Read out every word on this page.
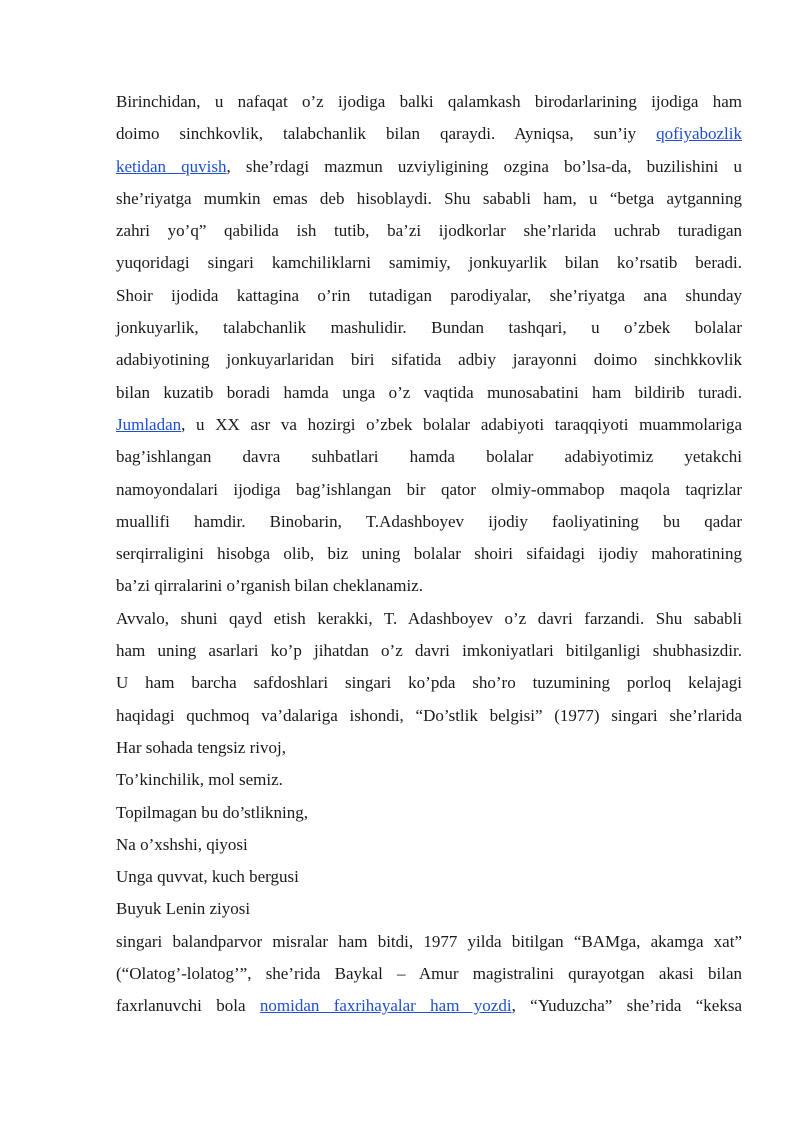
Birinchidan, u nafaqat o’z ijodiga balki qalamkash birodarlarining ijodiga ham
doimo sinchkovlik, talabchanlik bilan qaraydi. Ayniqsa, sun’iy qofiyabozlik
ketidan quvish, she’rdagi mazmun uzviyligining ozgina bo’lsa-da, buzilishini u
she’riyatga mumkin emas deb hisoblaydi. Shu sababli ham, u “betga aytganning
zahri yo’q” qabilida ish tutib, ba’zi ijodkorlar she’rlarida uchrab turadigan
yuqoridagi singari kamchiliklarni samimiy, jonkuyarlik bilan ko’rsatib beradi.
Shoir ijodida kattagina o’rin tutadigan parodiyalar, she’riyatga ana shunday
jonkuyarlik, talabchanlik mashulidir. Bundan tashqari, u o’zbek bolalar
adabiyotining jonkuyarlaridan biri sifatida adbiy jarayonni doimo sinchkkovlik
bilan kuzatib boradi hamda unga o’z vaqtida munosabatini ham bildirib turadi.
Jumladan, u XX asr va hozirgi o’zbek bolalar adabiyoti taraqqiyoti muammolariga
bag’ishlangan davra suhbatlari hamda bolalar adabiyotimiz yetakchi
namoyondalari ijodiga bag’ishlangan bir qator olmiy-ommabop maqola taqrizlar
muallifi hamdir. Binobarin, T.Adashboyev ijodiy faoliyatining bu qadar
serqirraligini hisobga olib, biz uning bolalar shoiri sifaidagi ijodiy mahoratining
ba’zi qirralarini o’rganish bilan cheklanamiz.
Avvalo, shuni qayd etish kerakki, T. Adashboyev o’z davri farzandi. Shu sababli
ham uning asarlari ko’p jihatdan o’z davri imkoniyatlari bitilganligi shubhasizdir.
U ham barcha safdoshlari singari ko’pda sho’ro tuzumining porloq kelajagi
haqidagi quchmoq va’dalariga ishondi, “Do’stlik belgisi” (1977) singari she’rlarida
Har sohada tengsiz rivoj,
To’kinchilik, mol semiz.
Topilmagan bu do’stlikning,
Na o’xshshi, qiyosi
Unga quvvat, kuch bergusi
Buyuk Lenin ziyosi
singari balandparvor misralar ham bitdi, 1977 yilda bitilgan “BAMga, akamga xat”
(“Olatog’-lolatog’”, she’rida Baykal – Amur magistralini qurayotgan akasi bilan
faxrlanuvchi bola nomidan faxrihayalar ham yozdi, “Yuduzcha” she’rida “keksa
